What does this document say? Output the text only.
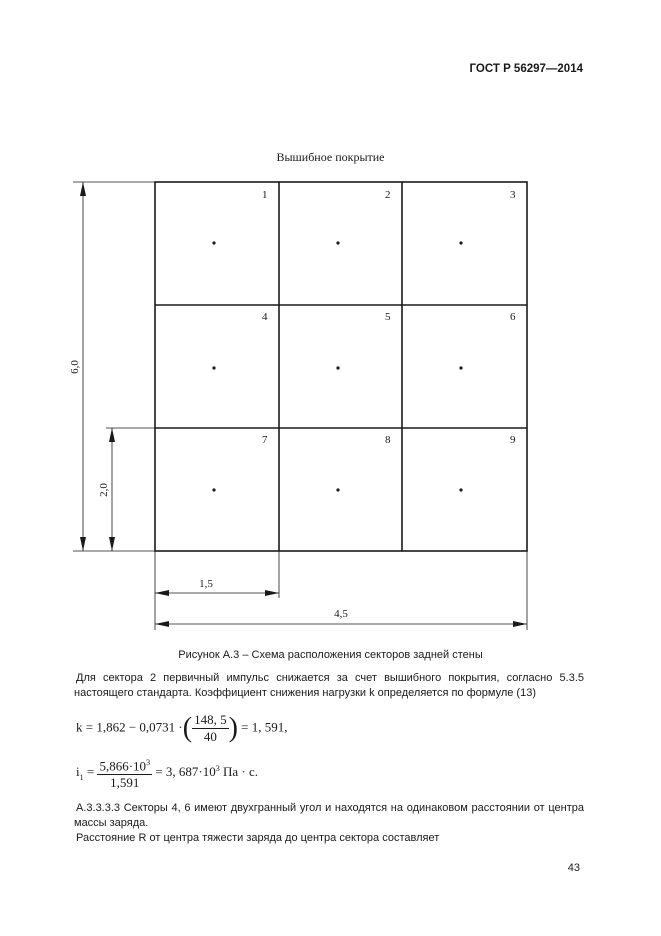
ГОСТ Р 56297—2014
Вышибное покрытие
1	2	3
4	5	6
7	8	9
6,0
2,0
1,5
4,5
Рисунок А.3 – Схема расположения секторов задней стены
Для сектора 2 первичный импульс снижается за счет вышибного покрытия, согласно 5.3.5
настоящего стандарта. Коэффициент снижения нагрузки k определяется по формуле (13)
k = 1,862 − 0,0731 ·( $\frac{148, 5}{40}$ ) = 1, 591,
$i_1 = \frac{5,866\cdot 10^3}{1,591} = 3$, $687\cdot 10^3$ Па · с.
А.3.3.3.3 Секторы 4, 6 имеют двухгранный угол и находятся на одинаковом расстоянии от центра
массы заряда.
Расстояние R от центра тяжести заряда до центра сектора составляет
43
